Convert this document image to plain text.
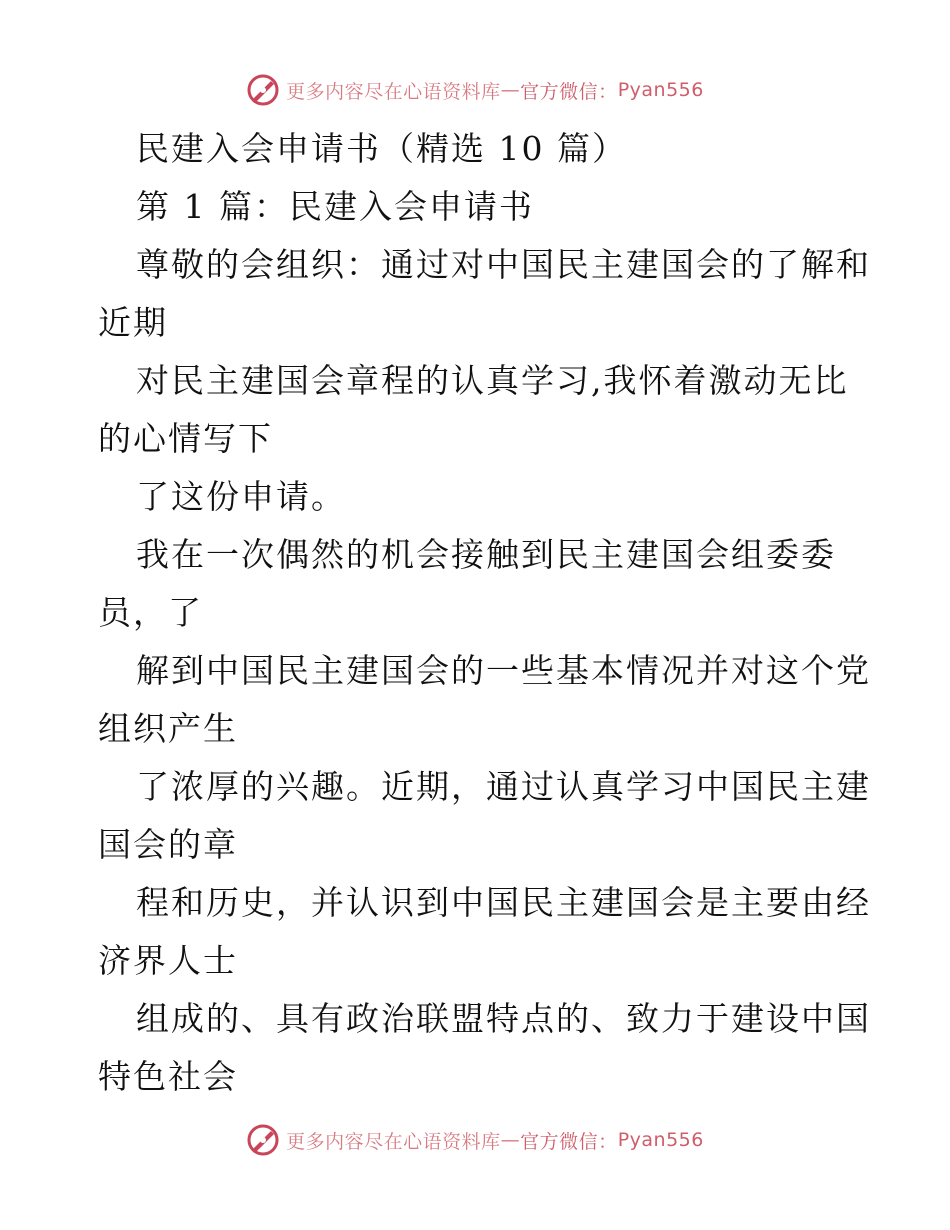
更多内容尽在心语资料库 — 官方微信： Pyan556
民建入会申请书（精选 10 篇）
第 1 篇：民建入会申请书
尊敬的会组织：通过对中国民主建国会的了解和
近期
对民主建国会章程的认真学习,我怀着激动无比
的心情写下
了这份申请。
我在一次偶然的机会接触到民主建国会组委委
员，了
解到中国民主建国会的一些基本情况并对这个党
组织产生
了浓厚的兴趣。近期，通过认真学习中国民主建
国会的章
程和历史，并认识到中国民主建国会是主要由经
济界人士
组成的、具有政治联盟特点的、致力于建设中国
特色社会
更多内容尽在心语资料库 — 官方微信： Pyan556
